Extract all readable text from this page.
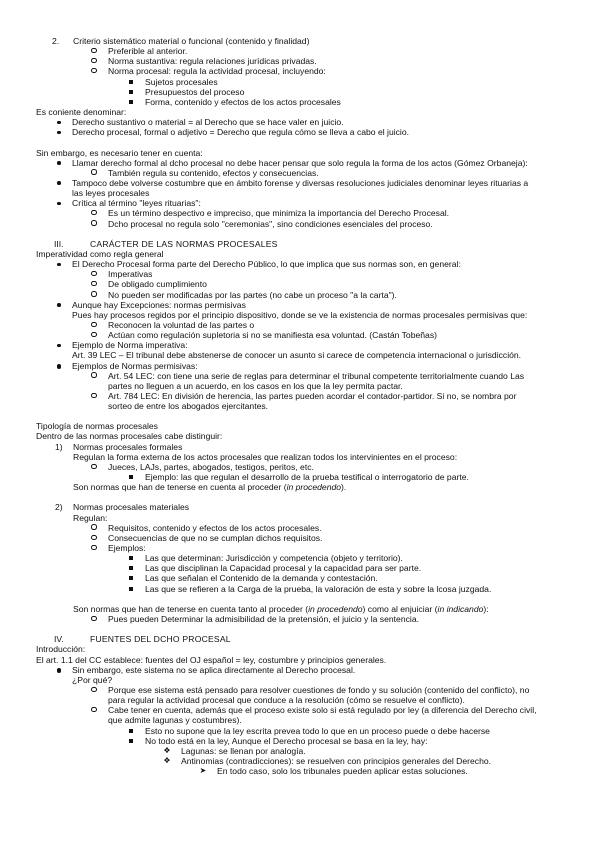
2. Criterio sistemático material o funcional (contenido y finalidad)
Preferible al anterior.
Norma sustantiva: regula relaciones jurídicas privadas.
Norma procesal: regula la actividad procesal, incluyendo:
Sujetos procesales
Presupuestos del proceso
Forma, contenido y efectos de los actos procesales
Es coniente denominar:
Derecho sustantivo o material = al Derecho que se hace valer en juicio.
Derecho procesal, formal o adjetivo = Derecho que regula cómo se lleva a cabo el juicio.
Sin embargo, es necesario tener en cuenta:
Llamar derecho formal al dcho procesal no debe hacer pensar que solo regula la forma de los actos (Gómez Orbaneja):
También regula su contenido, efectos y consecuencias.
Tampoco debe volverse costumbre que en ámbito forense y diversas resoluciones judiciales denominar leyes rituarias a
las leyes procesales
Crítica al término "leyes rituarias":
Es un término despectivo e impreciso, que minimiza la importancia del Derecho Procesal.
Dcho procesal no regula solo "ceremonias", sino condiciones esenciales del proceso.
III.	CARÁCTER DE LAS NORMAS PROCESALES
Imperatividad como regla general
El Derecho Procesal forma parte del Derecho Público, lo que implica que sus normas son, en general:
Imperativas
De obligado cumplimiento
No pueden ser modificadas por las partes (no cabe un proceso "a la carta").
Aunque hay Excepciones: normas permisivas
Pues hay procesos regidos por el principio dispositivo, donde se ve la existencia de normas procesales permisivas que:
Reconocen la voluntad de las partes o
Actúan como regulación supletoria si no se manifiesta esa voluntad. (Castán Tobeñas)
Ejemplo de Norma imperativa:
Art. 39 LEC – El tribunal debe abstenerse de conocer un asunto si carece de competencia internacional o jurisdicción.
Ejemplos de Normas permisivas:
Art. 54 LEC: con tiene una serie de reglas para determinar el tribunal competente territorialmente cuando Las
partes no lleguen a un acuerdo, en los casos en los que la ley permita pactar.
Art. 784 LEC: En división de herencia, las partes pueden acordar el contador-partidor. Si no, se nombra por
sorteo de entre los abogados ejercitantes.
Tipología de normas procesales
Dentro de las normas procesales cabe distinguir:
1) Normas procesales formales
Regulan la forma externa de los actos procesales que realizan todos los intervinientes en el proceso:
Jueces, LAJs, partes, abogados, testigos, peritos, etc.
Ejemplo: las que regulan el desarrollo de la prueba testifical o interrogatorio de parte.
Son normas que han de tenerse en cuenta al proceder (in procedendo).
2) Normas procesales materiales
Regulan:
Requisitos, contenido y efectos de los actos procesales.
Consecuencias de que no se cumplan dichos requisitos.
Ejemplos:
Las que determinan: Jurisdicción y competencia (objeto y territorio).
Las que disciplinan la Capacidad procesal y la capacidad para ser parte.
Las que señalan el Contenido de la demanda y contestación.
Las que se refieren a la Carga de la prueba, la valoración de esta y sobre la lcosa juzgada.
Son normas que han de tenerse en cuenta tanto al proceder (in procedendo) como al enjuiciar (in indicando):
Pues pueden Determinar la admisibilidad de la pretensión, el juicio y la sentencia.
IV.	FUENTES DEL DCHO PROCESAL
Introducción:
El art. 1.1 del CC establece: fuentes del OJ español = ley, costumbre y principios generales.
Sin embargo, este sistema no se aplica directamente al Derecho procesal.
¿Por qué?
Porque ese sistema está pensado para resolver cuestiones de fondo y su solución (contenido del conflicto), no
para regular la actividad procesal que conduce a la resolución (cómo se resuelve el conflicto).
Cabe tener en cuenta, además que el proceso existe solo si está regulado por ley (a diferencia del Derecho civil,
que admite lagunas y costumbres).
Esto no supone que la ley escrita prevea todo lo que en un proceso puede o debe hacerse
No todo está en la ley, Aunque el Derecho procesal se basa en la ley, hay:
❖ Lagunas: se llenan por analogía.
❖ Antinomias (contradicciones): se resuelven con principios generales del Derecho.
➤ En todo caso, solo los tribunales pueden aplicar estas soluciones.
